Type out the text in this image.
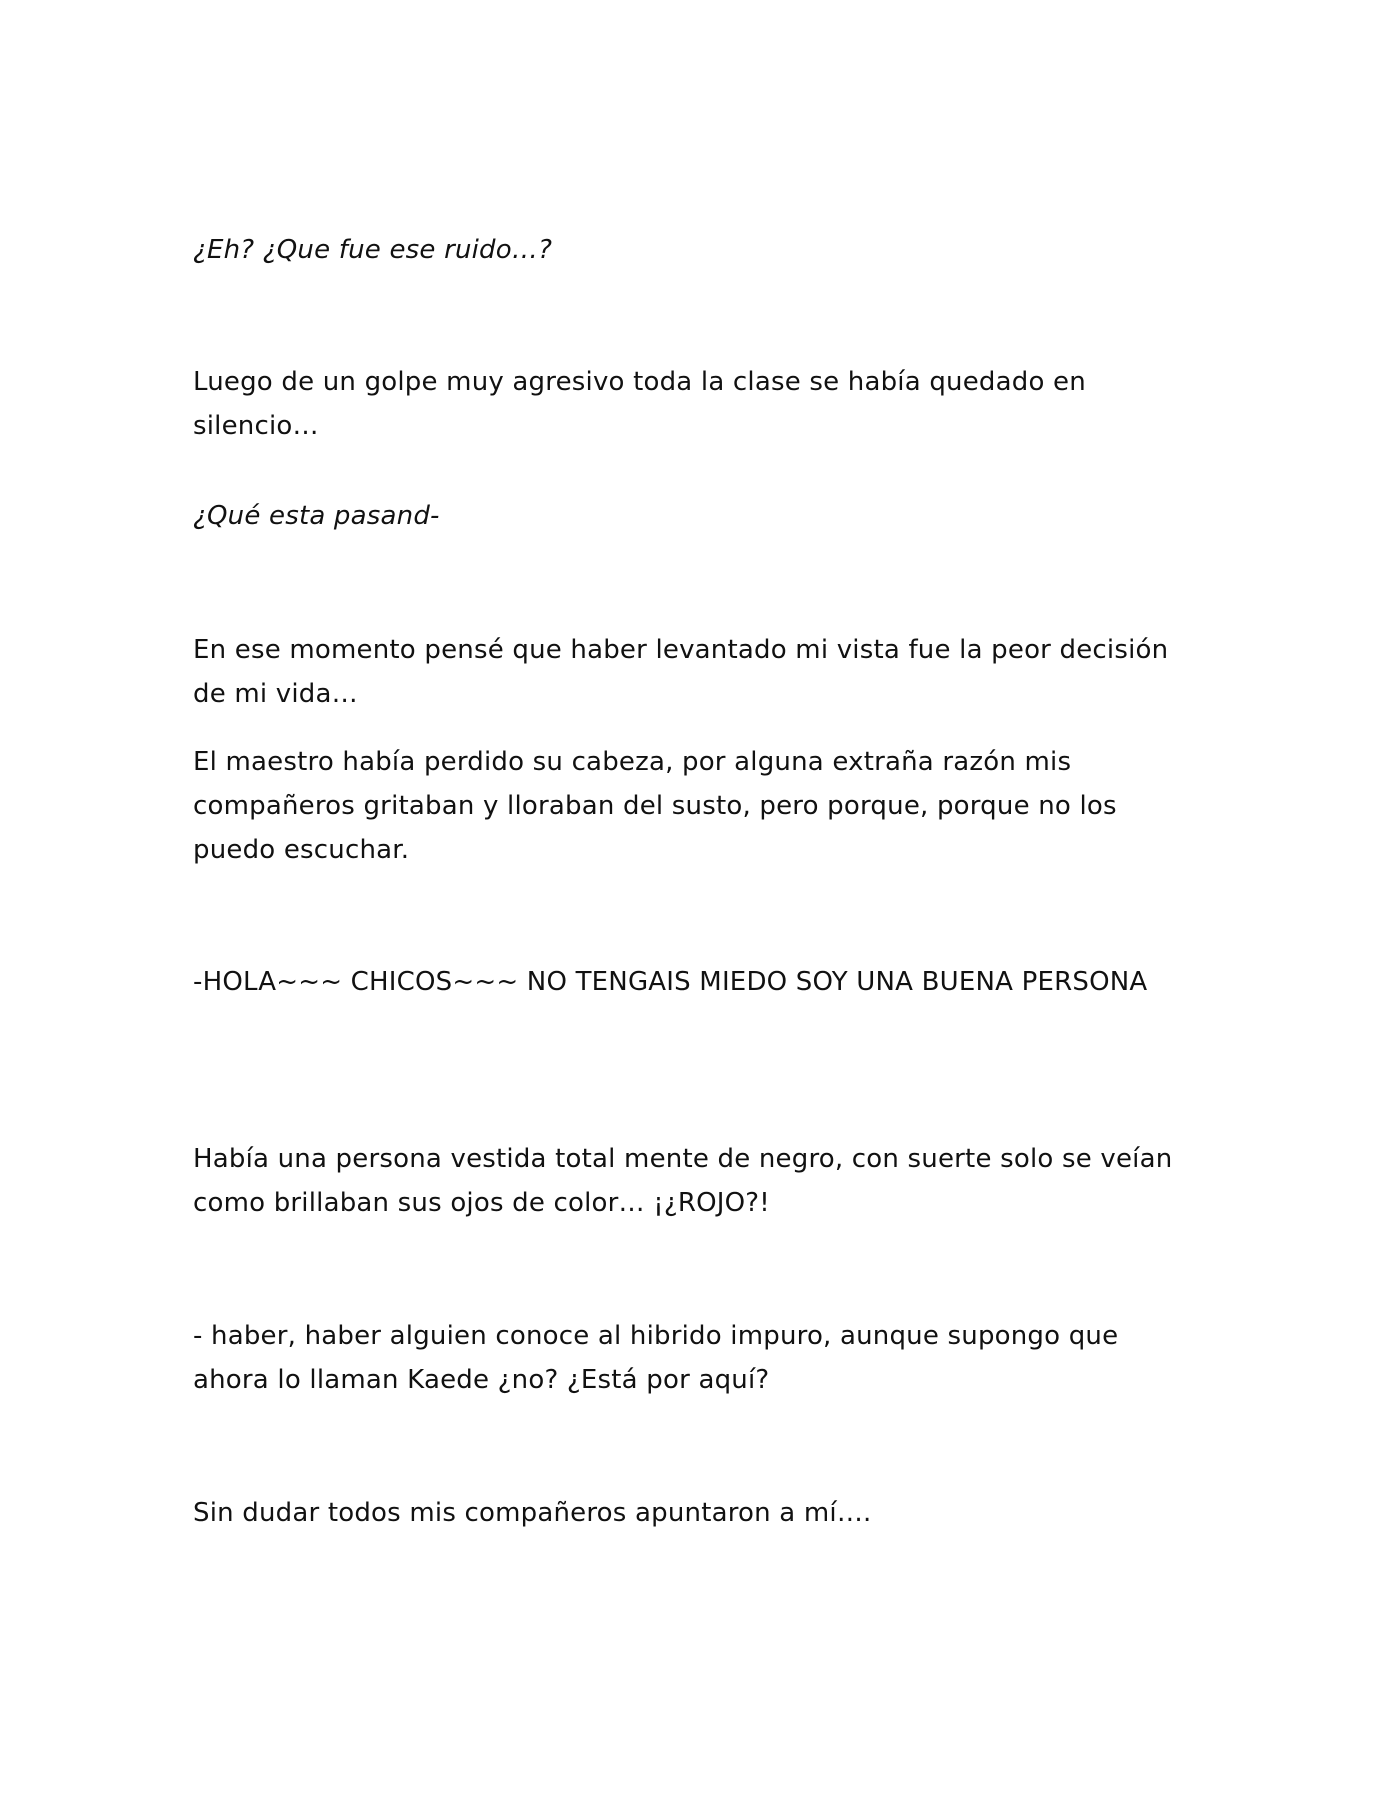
¿Eh? ¿Que fue ese ruido…?

Luego de un golpe muy agresivo toda la clase se había quedado en silencio…

¿Qué esta pasand-

En ese momento pensé que haber levantado mi vista fue la peor decisión de mi vida…

El maestro había perdido su cabeza, por alguna extraña razón mis compañeros gritaban y lloraban del susto, pero porque, porque no los puedo escuchar.

-HOLA~~~ CHICOS~~~ NO TENGAIS MIEDO SOY UNA BUENA PERSONA

Había una persona vestida total mente de negro, con suerte solo se veían como brillaban sus ojos de color… ¡¿ROJO?!

- haber, haber alguien conoce al hibrido impuro, aunque supongo que ahora lo llaman Kaede ¿no? ¿Está por aquí?

Sin dudar todos mis compañeros apuntaron a mí….
